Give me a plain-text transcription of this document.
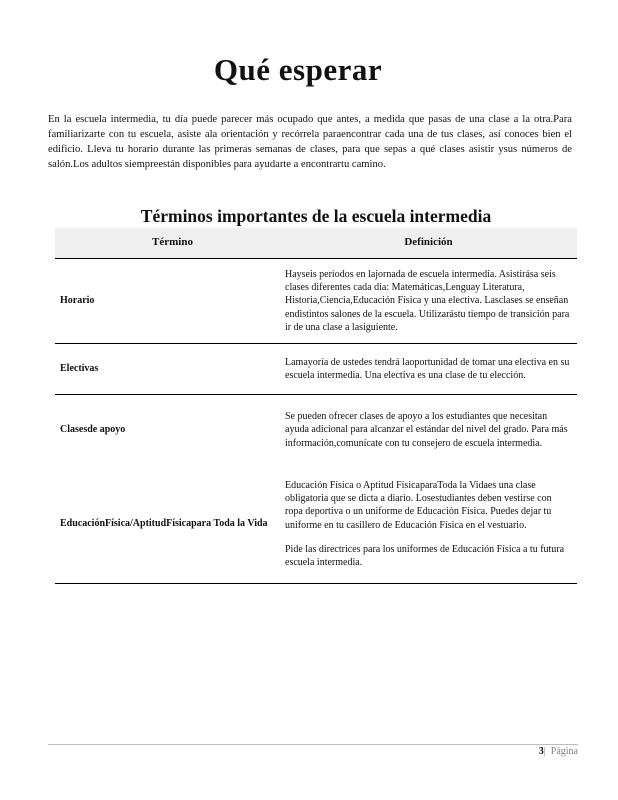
Qué esperar

En la escuela intermedia, tu día puede parecer más ocupado que antes, a medida que pasas de una clase a la otra.Para familiarizarte con tu escuela, asiste ala orientación y recórrela paraencontrar cada una de tus clases, así conoces bien el edificio. Lleva tu horario durante las primeras semanas de clases, para que sepas a qué clases asistir ysus números de salón.Los adultos siempreestán disponibles para ayudarte a encontrartu camino.

Términos importantes de la escuela intermedia
Término	Definición
Horario	Hayseis periodos en lajornada de escuela intermedia. Asistirása seis clases diferentes cada día: Matemáticas,Lenguay Literatura, Historia,Ciencia,Educación Física y una electiva. Lasclases se enseñan endistintos salones de la escuela. Utilizarástu tiempo de transición para ir de una clase a lasiguiente.

Electivas	Lamayoría de ustedes tendrá laoportunidad de tomar una electiva en su escuela intermedia. Una electiva es una clase de tu elección.

Clasesde apoyo	Se pueden ofrecer clases de apoyo a los estudiantes que necesitan ayuda adicional para alcanzar el estándar del nivel del grado. Para más información,comunícate con tu consejero de escuela intermedia.

EducaciónFísica/AptitudFísicapara Toda la Vida	Educación Física o Aptitud FísicaparaToda la Vidaes una clase obligatoria que se dicta a diario. Losestudiantes deben vestirse con ropa deportiva o un uniforme de Educación Física. Puedes dejar tu uniforme en tu casillero de Educación Física en el vestuario.

Pide las directrices para los uniformes de Educación Física a tu futura escuela intermedia.

3| Página
